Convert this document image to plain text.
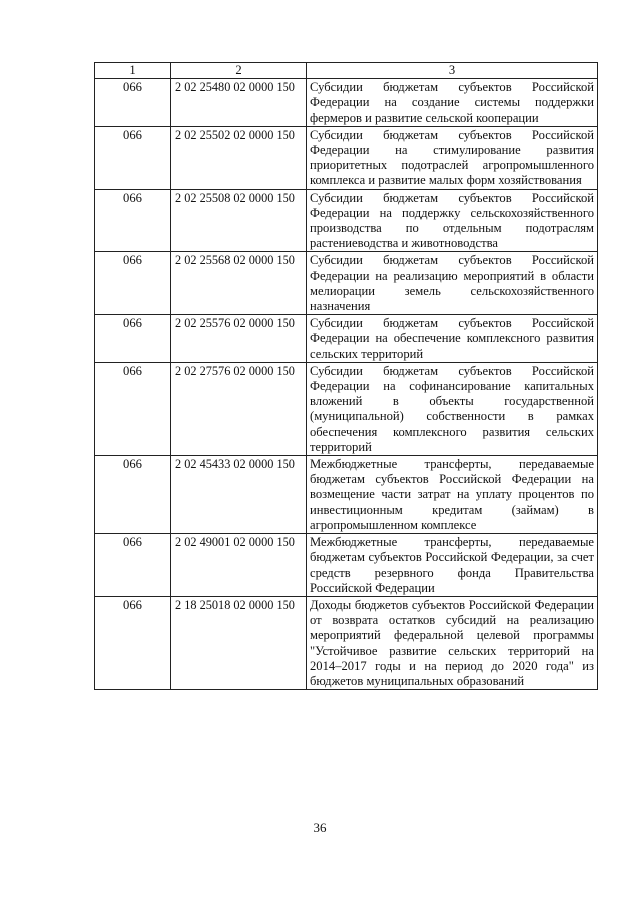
1	2	3
066	2 02 25480 02 0000 150	Субсидии бюджетам субъектов Российской Федерации на создание системы поддержки фермеров и развитие сельской кооперации
066	2 02 25502 02 0000 150	Субсидии бюджетам субъектов Российской Федерации на стимулирование развития приоритетных подотраслей агропромышленного комплекса и развитие малых форм хозяйствования
066	2 02 25508 02 0000 150	Субсидии бюджетам субъектов Российской Федерации на поддержку сельскохозяйственного производства по отдельным подотраслям растениеводства и животноводства
066	2 02 25568 02 0000 150	Субсидии бюджетам субъектов Российской Федерации на реализацию мероприятий в области мелиорации земель сельскохозяйственного назначения
066	2 02 25576 02 0000 150	Субсидии бюджетам субъектов Российской Федерации на обеспечение комплексного развития сельских территорий
066	2 02 27576 02 0000 150	Субсидии бюджетам субъектов Российской Федерации на софинансирование капитальных вложений в объекты государственной (муниципальной) собственности в рамках обеспечения комплексного развития сельских территорий
066	2 02 45433 02 0000 150	Межбюджетные трансферты, передаваемые бюджетам субъектов Российской Федерации на возмещение части затрат на уплату процентов по инвестиционным кредитам (займам) в агропромышленном комплексе
066	2 02 49001 02 0000 150	Межбюджетные трансферты, передаваемые бюджетам субъектов Российской Федерации, за счет средств резервного фонда Правительства Российской Федерации
066	2 18 25018 02 0000 150	Доходы бюджетов субъектов Российской Федерации от возврата остатков субсидий на реализацию мероприятий федеральной целевой программы "Устойчивое развитие сельских территорий на 2014–2017 годы и на период до 2020 года" из бюджетов муниципальных образований
36
